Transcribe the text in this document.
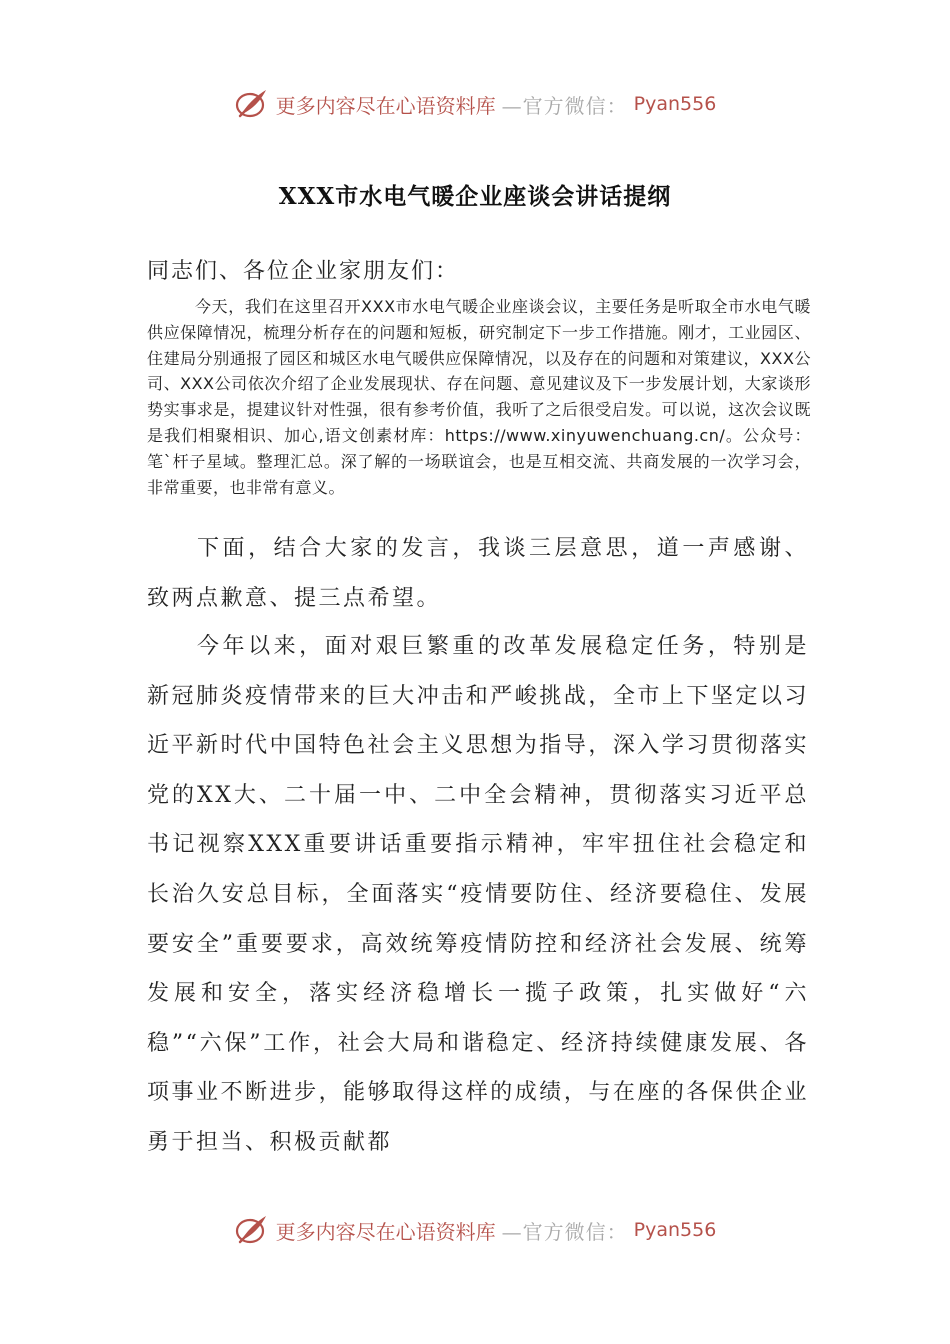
更多内容尽在心语资料库 —官方微信： Pyan556
XXX市水电气暖企业座谈会讲话提纲
同志们、各位企业家朋友们：
今天，我们在这里召开XXX市水电气暖企业座谈会议，主要任务是听取全市水电气暖供应保障情况，梳理分析存在的问题和短板，研究制定下一步工作措施。刚才，工业园区、住建局分别通报了园区和城区水电气暖供应保障情况，以及存在的问题和对策建议，XXX公司、XXX公司依次介绍了企业发展现状、存在问题、意见建议及下一步发展计划，大家谈形势实事求是，提建议针对性强，很有参考价值，我听了之后很受启发。可以说，这次会议既是我们相聚相识、加心,语文创素材库：https://www.xinyuwenchuang.cn/。公众号：笔`杆子星域。整理汇总。深了解的一场联谊会，也是互相交流、共商发展的一次学习会，非常重要，也非常有意义。
下面，结合大家的发言，我谈三层意思，道一声感谢、致两点歉意、提三点希望。
今年以来，面对艰巨繁重的改革发展稳定任务，特别是新冠肺炎疫情带来的巨大冲击和严峻挑战，全市上下坚定以习近平新时代中国特色社会主义思想为指导，深入学习贯彻落实党的XX大、二十届一中、二中全会精神，贯彻落实习近平总书记视察XXX重要讲话重要指示精神，牢牢扭住社会稳定和长治久安总目标，全面落实“疫情要防住、经济要稳住、发展要安全”重要要求，高效统筹疫情防控和经济社会发展、统筹发展和安全，落实经济稳增长一揽子政策，扎实做好“六稳”“六保”工作，社会大局和谐稳定、经济持续健康发展、各项事业不断进步，能够取得这样的成绩，与在座的各保供企业勇于担当、积极贡献都
更多内容尽在心语资料库 —官方微信： Pyan556
